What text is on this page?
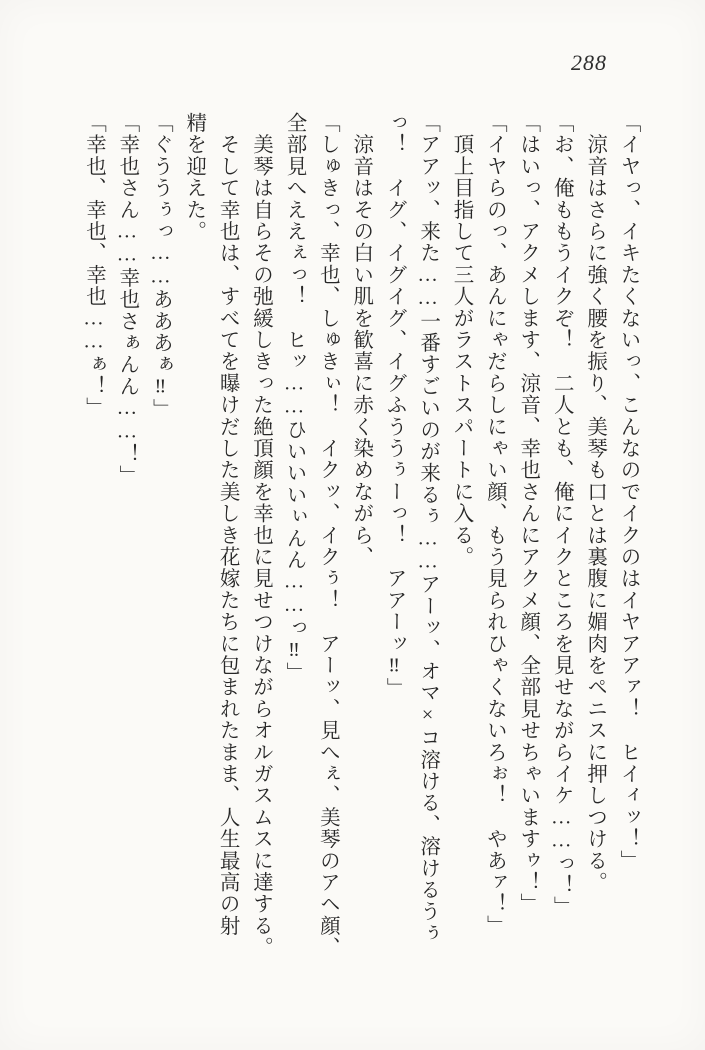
288
「イヤっ、イキたくないっ、こんなのでイクのはイヤアアァ！　ヒイィッ！」
　涼音はさらに強く腰を振り、美琴も口とは裏腹に媚肉をペニスに押しつける。
「お、俺ももうイクぞ！　二人とも、俺にイクところを見せながらイケ……っ！」
「はいっ、アクメします、涼音、幸也さんにアクメ顔、全部見せちゃいますゥ！」
「イヤらのっ、あんにゃだらしにゃい顔、もう見られひゃくないろぉ！　やあァ！」
　頂上目指して三人がラストスパートに入る。
「アアッ、来た……一番すごいのが来るぅ……アーッ、オマ×コ溶ける、溶けるうぅ
っ！　イグ、イグイグ、イグふううぅーっ！　アアーッ‼」
　涼音はその白い肌を歓喜に赤く染めながら、
「しゅきっ、幸也、しゅきぃ！　イクッ、イクぅ！　アーッ、見へぇ、美琴のアヘ顔、
全部見へええぇっ！　ヒッ……ひいいいぃんん……っ‼」
　美琴は自らその弛緩しきった絶頂顔を幸也に見せつけながらオルガスムスに達する。
　そして幸也は、すべてを曝けだした美しき花嫁たちに包まれたまま、人生最高の射
精を迎えた。
「ぐううぅっ……あああぁ‼」
「幸也さん……幸也さぁんん……！」
「幸也、幸也、幸也……ぁ！」
